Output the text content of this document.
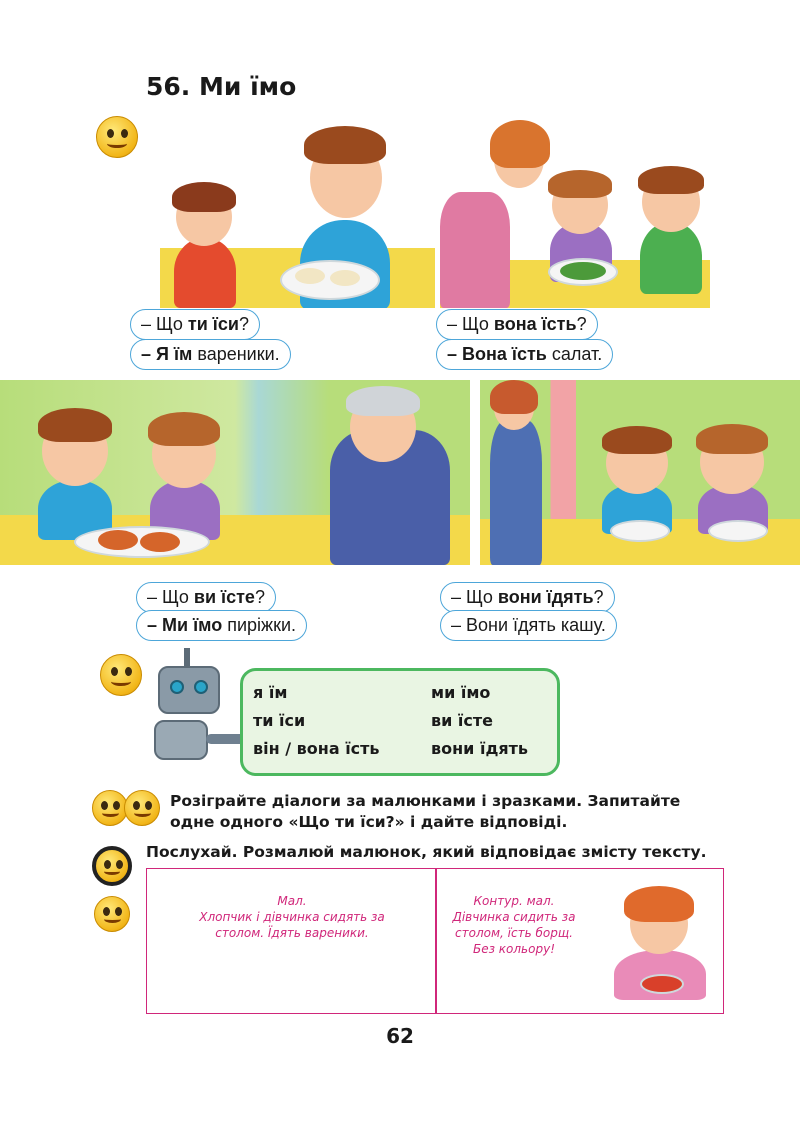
56. Ми їмо
– Що ти їси?
– Я їм вареники.
– Що вона їсть?
– Вона їсть салат.
– Що ви їсте?
– Ми їмо пиріжки.
– Що вони їдять?
– Вони їдять кашу.
я їм
ти їси
він / вона їсть
ми їмо
ви їсте
вони їдять
Розіграйте діалоги за малюнками і зразками. Запитайте одне одного «Що ти їси?» і дайте відповіді.
Послухай. Розмалюй малюнок, який відповідає змісту тексту.
Мал.
Хлопчик і дівчинка сидять за
столом. Їдять вареники.
Контур. мал.
Дівчинка сидить за
столом, їсть борщ.
Без кольору!
62
